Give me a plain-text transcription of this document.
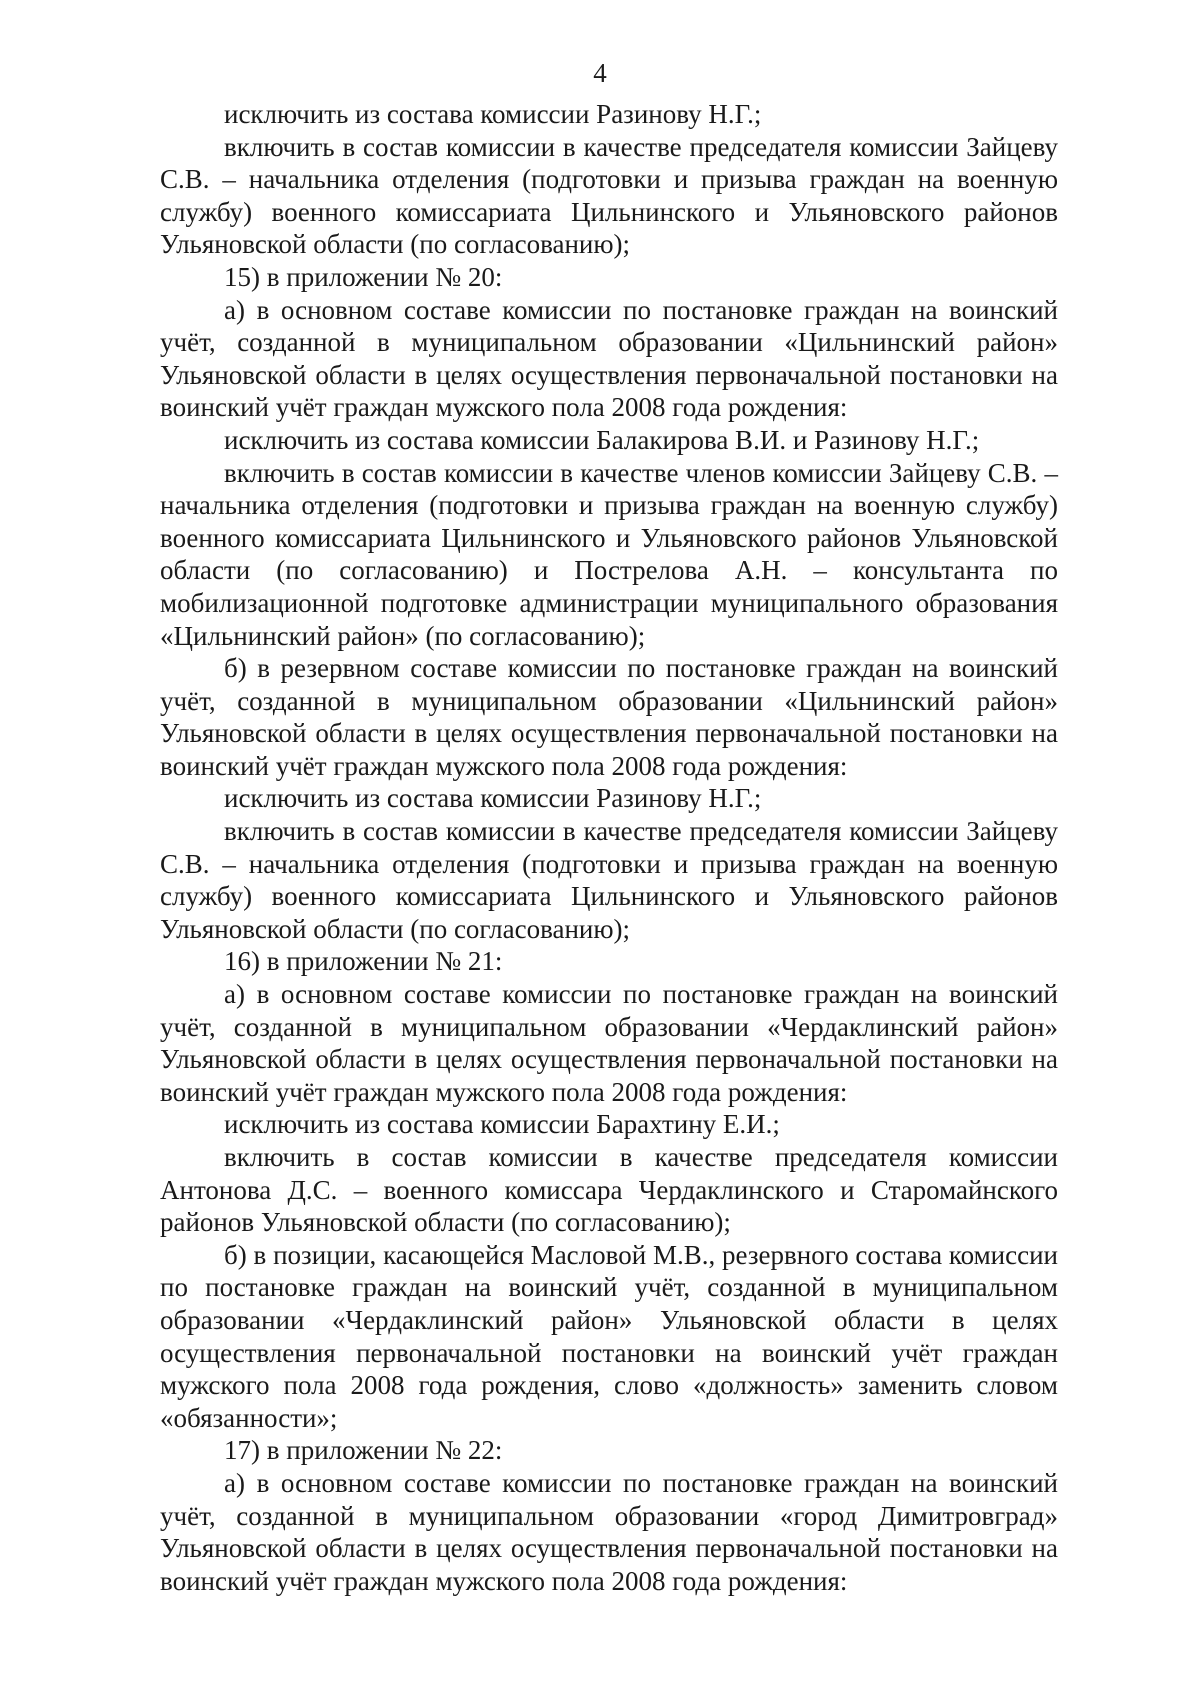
4

исключить из состава комиссии Разинову Н.Г.;

включить в состав комиссии в качестве председателя комиссии Зайцеву С.В. – начальника отделения (подготовки и призыва граждан на военную службу) военного комиссариата Цильнинского и Ульяновского районов Ульяновской области (по согласованию);

15) в приложении № 20:

а) в основном составе комиссии по постановке граждан на воинский учёт, созданной в муниципальном образовании «Цильнинский район» Ульяновской области в целях осуществления первоначальной постановки на воинский учёт граждан мужского пола 2008 года рождения:

исключить из состава комиссии Балакирова В.И. и Разинову Н.Г.;

включить в состав комиссии в качестве членов комиссии Зайцеву С.В. – начальника отделения (подготовки и призыва граждан на военную службу) военного комиссариата Цильнинского и Ульяновского районов Ульяновской области (по согласованию) и Пострелова А.Н. – консультанта по мобилизационной подготовке администрации муниципального образования «Цильнинский район» (по согласованию);

б) в резервном составе комиссии по постановке граждан на воинский учёт, созданной в муниципальном образовании «Цильнинский район» Ульяновской области в целях осуществления первоначальной постановки на воинский учёт граждан мужского пола 2008 года рождения:

исключить из состава комиссии Разинову Н.Г.;

включить в состав комиссии в качестве председателя комиссии Зайцеву С.В. – начальника отделения (подготовки и призыва граждан на военную службу) военного комиссариата Цильнинского и Ульяновского районов Ульяновской области (по согласованию);

16) в приложении № 21:

а) в основном составе комиссии по постановке граждан на воинский учёт, созданной в муниципальном образовании «Чердаклинский район» Ульяновской области в целях осуществления первоначальной постановки на воинский учёт граждан мужского пола 2008 года рождения:

исключить из состава комиссии Барахтину Е.И.;

включить в состав комиссии в качестве председателя комиссии Антонова Д.С. – военного комиссара Чердаклинского и Старомайнского районов Ульяновской области (по согласованию);

б) в позиции, касающейся Масловой М.В., резервного состава комиссии по постановке граждан на воинский учёт, созданной в муниципальном образовании «Чердаклинский район» Ульяновской области в целях осуществления первоначальной постановки на воинский учёт граждан мужского пола 2008 года рождения, слово «должность» заменить словом «обязанности»;

17) в приложении № 22:

а) в основном составе комиссии по постановке граждан на воинский учёт, созданной в муниципальном образовании «город Димитровград» Ульяновской области в целях осуществления первоначальной постановки на воинский учёт граждан мужского пола 2008 года рождения:
